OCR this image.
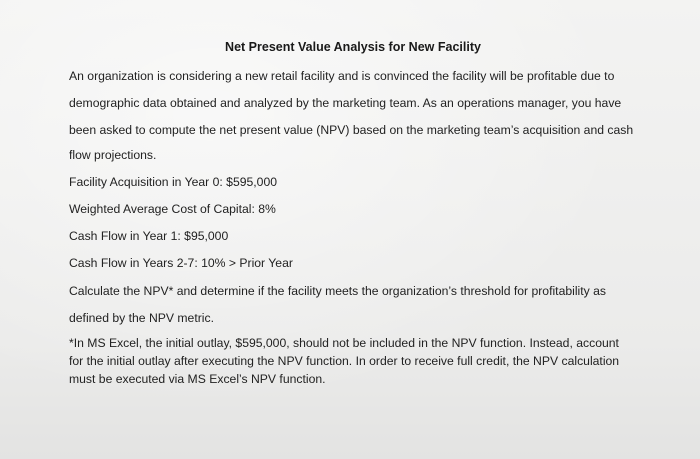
Net Present Value Analysis for New Facility
An organization is considering a new retail facility and is convinced the facility will be profitable due to
demographic data obtained and analyzed by the marketing team. As an operations manager, you have
been asked to compute the net present value (NPV) based on the marketing team’s acquisition and cash
flow projections.
Facility Acquisition in Year 0: $595,000
Weighted Average Cost of Capital: 8%
Cash Flow in Year 1: $95,000
Cash Flow in Years 2-7: 10% > Prior Year
Calculate the NPV* and determine if the facility meets the organization’s threshold for profitability as
defined by the NPV metric.
*In MS Excel, the initial outlay, $595,000, should not be included in the NPV function. Instead, account for the initial outlay after executing the NPV function. In order to receive full credit, the NPV calculation must be executed via MS Excel’s NPV function.
